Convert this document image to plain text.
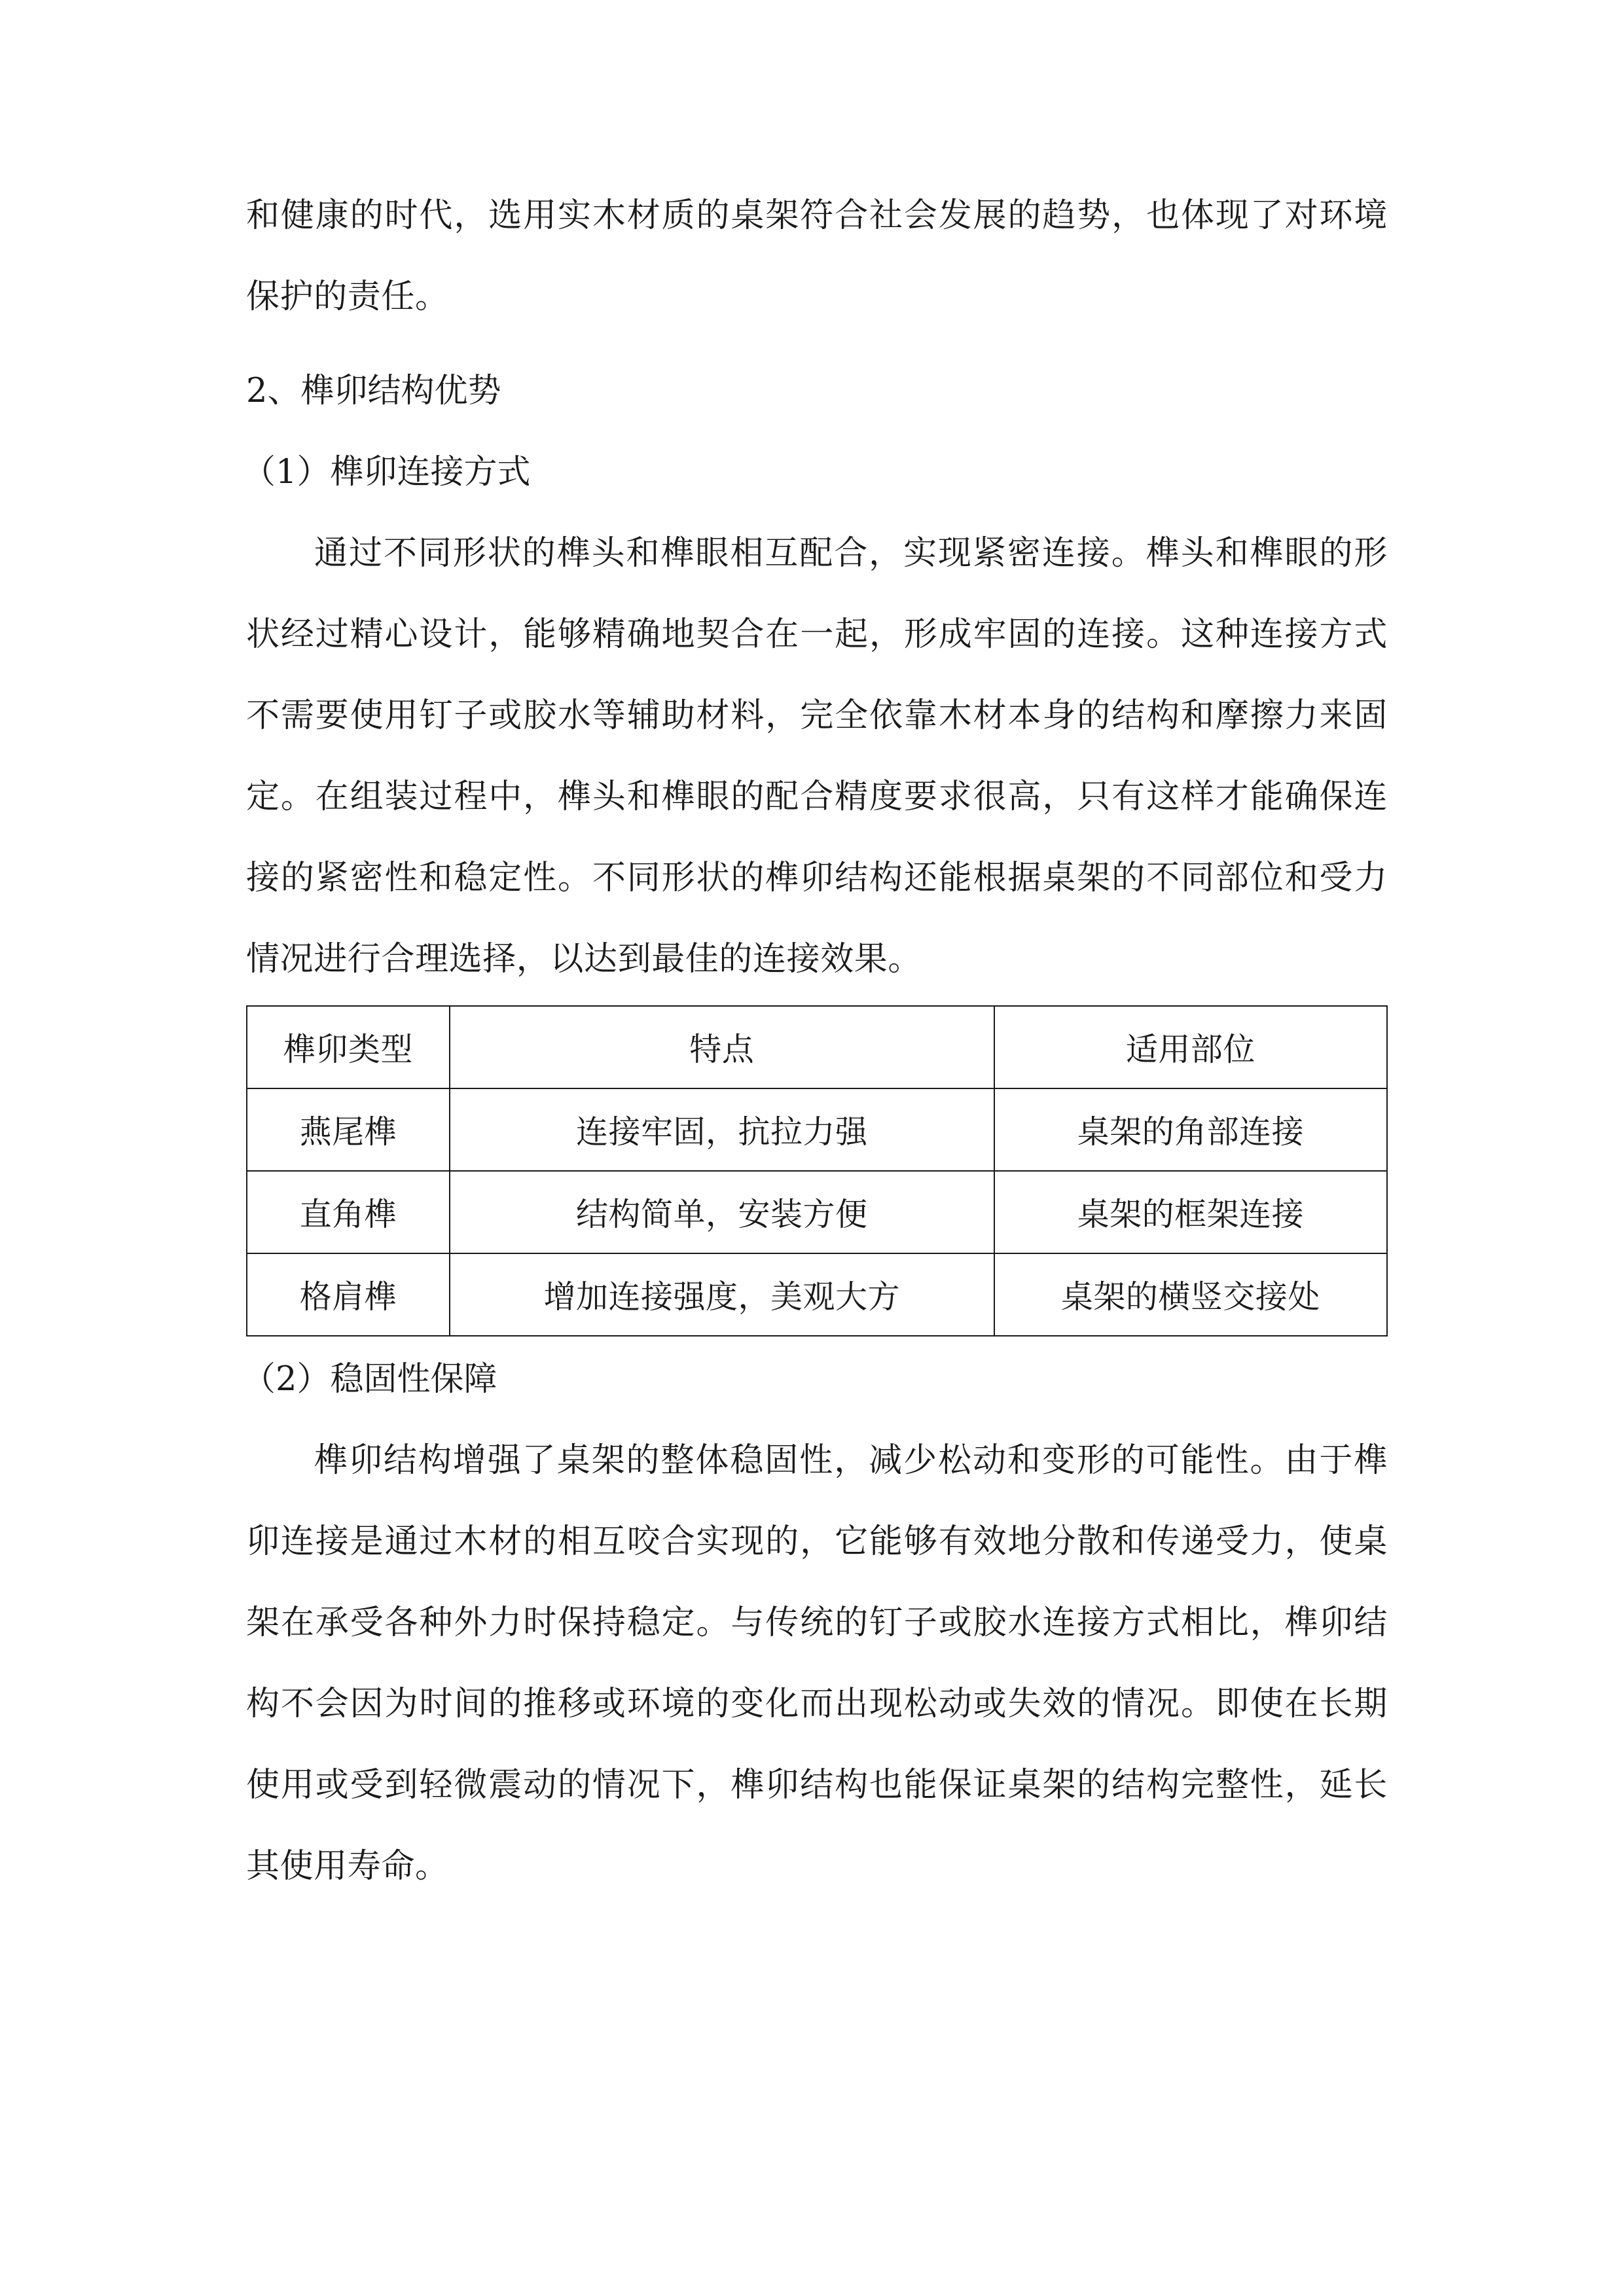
和健康的时代，选用实木材质的桌架符合社会发展的趋势，也体现了对环境保护的责任。

2、榫卯结构优势

（1）榫卯连接方式

通过不同形状的榫头和榫眼相互配合，实现紧密连接。榫头和榫眼的形状经过精心设计，能够精确地契合在一起，形成牢固的连接。这种连接方式不需要使用钉子或胶水等辅助材料，完全依靠木材本身的结构和摩擦力来固定。在组装过程中，榫头和榫眼的配合精度要求很高，只有这样才能确保连接的紧密性和稳定性。不同形状的榫卯结构还能根据桌架的不同部位和受力情况进行合理选择，以达到最佳的连接效果。

榫卯类型	特点	适用部位
燕尾榫	连接牢固，抗拉力强	桌架的角部连接
直角榫	结构简单，安装方便	桌架的框架连接
格肩榫	增加连接强度，美观大方	桌架的横竖交接处

（2）稳固性保障

榫卯结构增强了桌架的整体稳固性，减少松动和变形的可能性。由于榫卯连接是通过木材的相互咬合实现的，它能够有效地分散和传递受力，使桌架在承受各种外力时保持稳定。与传统的钉子或胶水连接方式相比，榫卯结构不会因为时间的推移或环境的变化而出现松动或失效的情况。即使在长期使用或受到轻微震动的情况下，榫卯结构也能保证桌架的结构完整性，延长其使用寿命。
